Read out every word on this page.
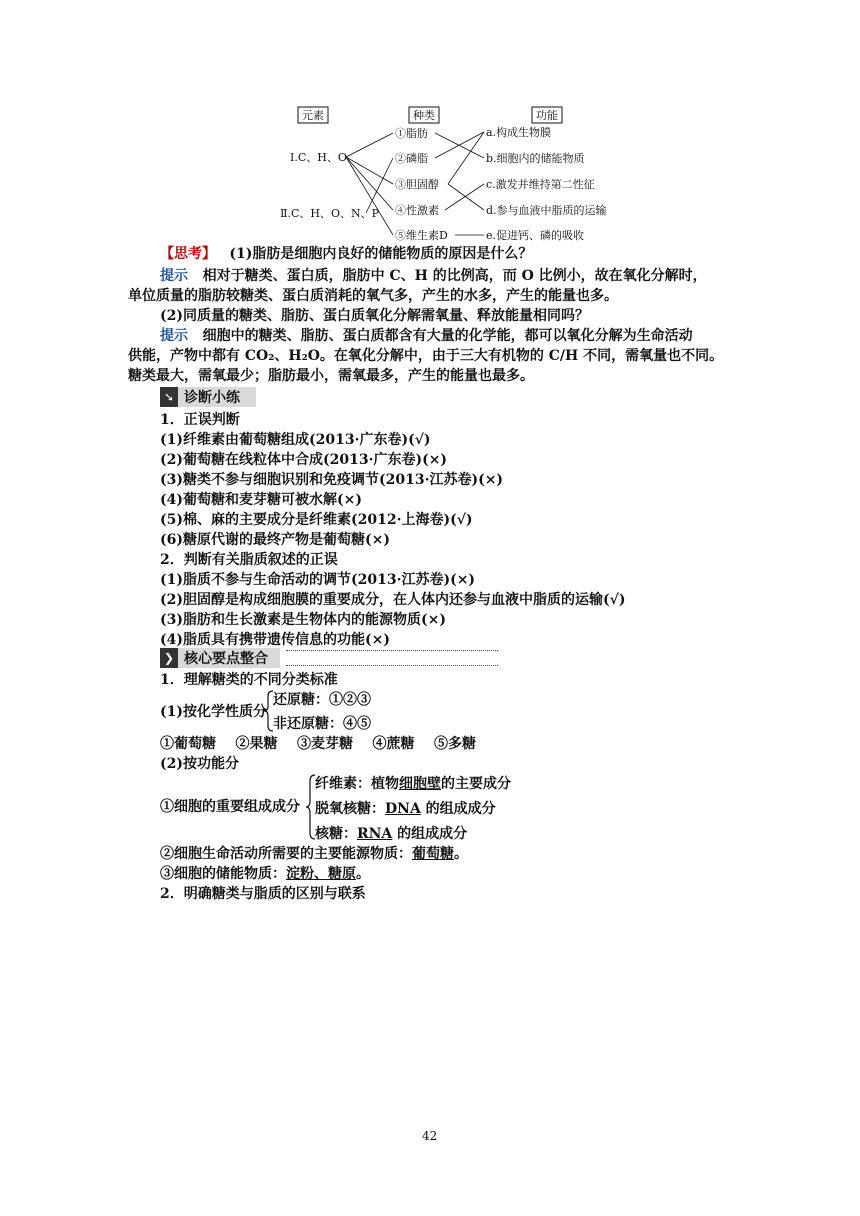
元素	种类	功能
Ⅰ.C、H、O
Ⅱ.C、H、O、N、P
①脂肪
②磷脂
③胆固醇
④性激素
⑤维生素D
a.构成生物膜
b.细胞内的储能物质
c.激发并维持第二性征
d.参与血液中脂质的运输
e.促进钙、磷的吸收
【思考】 (1)脂肪是细胞内良好的储能物质的原因是什么？
提示 相对于糖类、蛋白质，脂肪中 C、H 的比例高，而 O 比例小，故在氧化分解时，
单位质量的脂肪较糖类、蛋白质消耗的氧气多，产生的水多，产生的能量也多。
(2)同质量的糖类、脂肪、蛋白质氧化分解需氧量、释放能量相同吗？
提示 细胞中的糖类、脂肪、蛋白质都含有大量的化学能，都可以氧化分解为生命活动
供能，产物中都有 CO₂、H₂O。在氧化分解中，由于三大有机物的 C/H 不同，需氧量也不同。
糖类最大，需氧最少；脂肪最小，需氧最多，产生的能量也最多。
➘ 诊断小练
1．正误判断
(1)纤维素由葡萄糖组成(2013·广东卷)(√)
(2)葡萄糖在线粒体中合成(2013·广东卷)(×)
(3)糖类不参与细胞识别和免疫调节(2013·江苏卷)(×)
(4)葡萄糖和麦芽糖可被水解(×)
(5)棉、麻的主要成分是纤维素(2012·上海卷)(√)
(6)糖原代谢的最终产物是葡萄糖(×)
2．判断有关脂质叙述的正误
(1)脂质不参与生命活动的调节(2013·江苏卷)(×)
(2)胆固醇是构成细胞膜的重要成分，在人体内还参与血液中脂质的运输(√)
(3)脂肪和生长激素是生物体内的能源物质(×)
(4)脂质具有携带遗传信息的功能(×)
❯ 核心要点整合
1．理解糖类的不同分类标准
(1)按化学性质分
还原糖：①②③
非还原糖：④⑤
①葡萄糖 ②果糖 ③麦芽糖 ④蔗糖 ⑤多糖
(2)按功能分
①细胞的重要组成成分
纤维素：植物细胞壁的主要成分
脱氧核糖：DNA 的组成成分
核糖：RNA 的组成成分
②细胞生命活动所需要的主要能源物质：葡萄糖。
③细胞的储能物质：淀粉、糖原。
2．明确糖类与脂质的区别与联系
42
